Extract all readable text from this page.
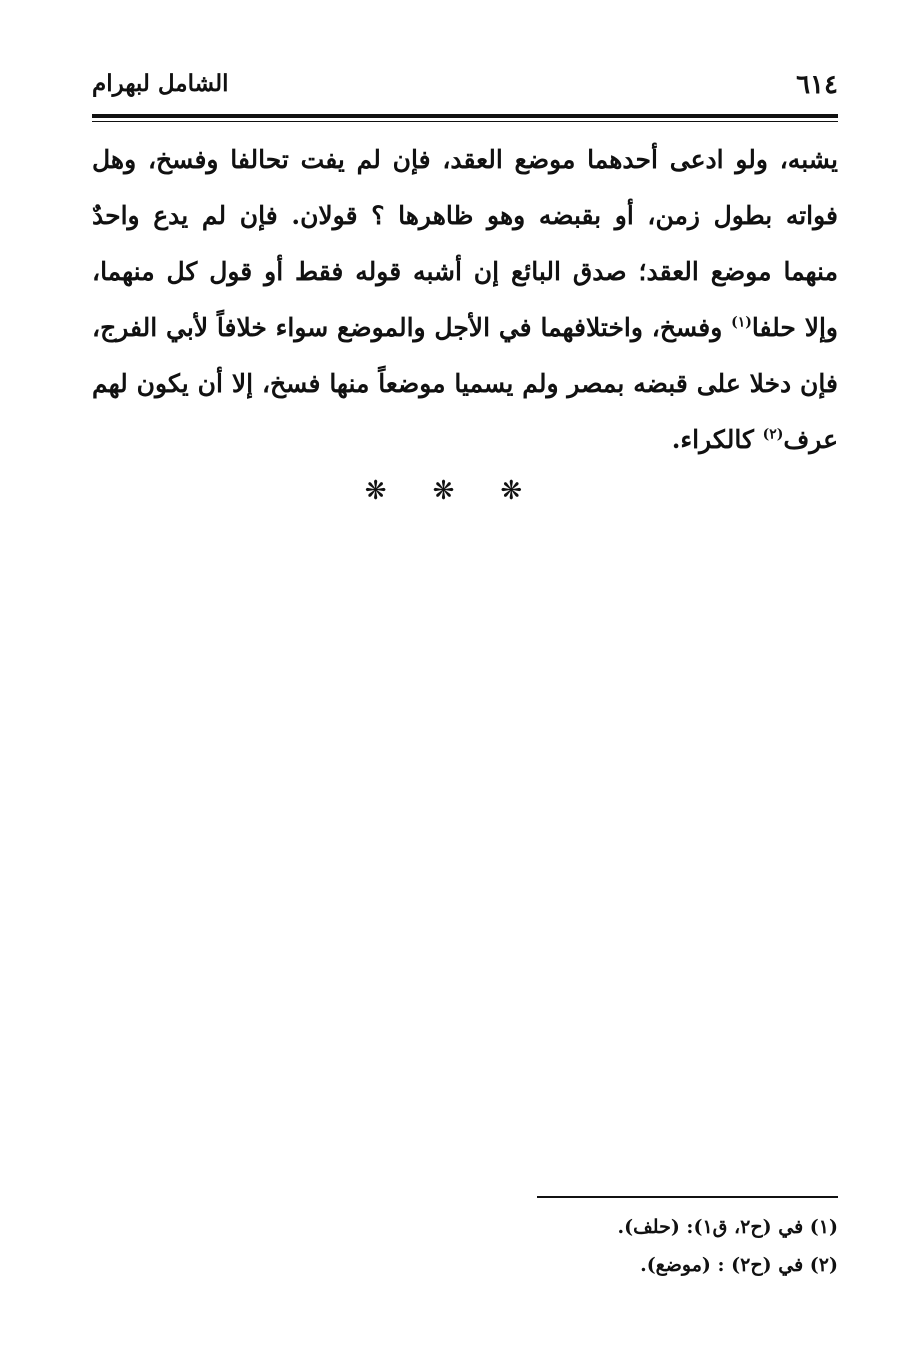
٦١٤
الشامل لبهرام
يشبه، ولو ادعى أحدهما موضع العقد، فإن لم يفت تحالفا وفسخ، وهل فواته بطول زمن، أو بقبضه وهو ظاهرها ؟ قولان. فإن لم يدع واحدٌ منهما موضع العقد؛ صدق البائع إن أشبه قوله فقط أو قول كل منهما، وإلا حلفا$^{(١)}$ وفسخ، واختلافهما في الأجل والموضع سواء خلافاً لأبي الفرج، فإن دخلا على قبضه بمصر ولم يسميا موضعاً منها فسخ، إلا أن يكون لهم عرف$^{(٢)}$ كالكراء.
❋ ❋ ❋
(١) في (ح٢، ق١): (حلف).
(٢) في (ح٢) : (موضع).
